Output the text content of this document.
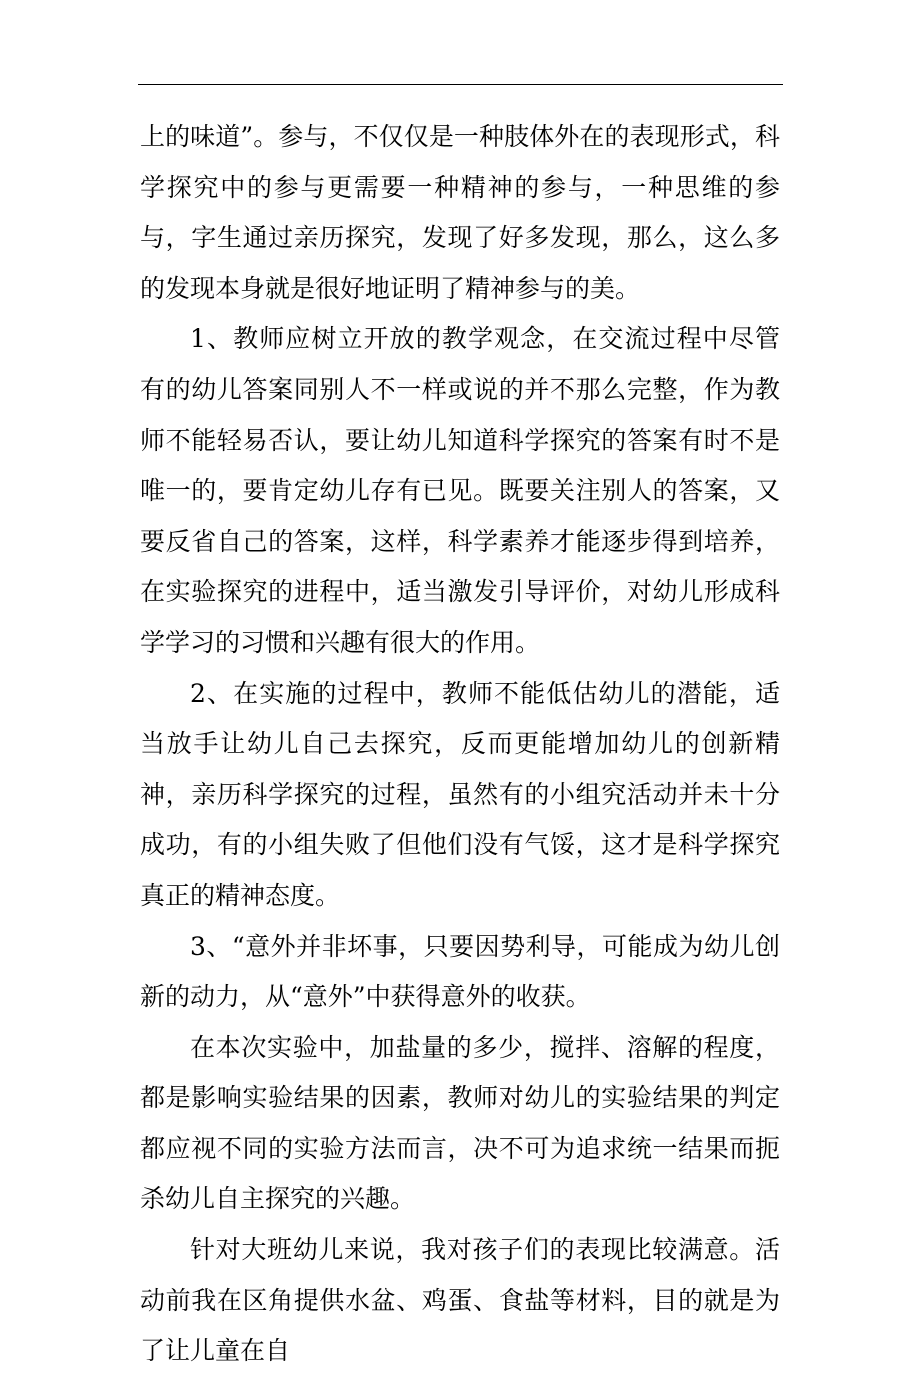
上的味道”。参与，不仅仅是一种肢体外在的表现形式，科学探究中的参与更需要一种精神的参与，一种思维的参与，字生通过亲历探究，发现了好多发现，那么，这么多的发现本身就是很好地证明了精神参与的美。

1、教师应树立开放的教学观念，在交流过程中尽管有的幼儿答案同别人不一样或说的并不那么完整，作为教师不能轻易否认，要让幼儿知道科学探究的答案有时不是唯一的，要肯定幼儿存有已见。既要关注别人的答案，又要反省自己的答案，这样，科学素养才能逐步得到培养，在实验探究的进程中，适当激发引导评价，对幼儿形成科学学习的习惯和兴趣有很大的作用。

2、在实施的过程中，教师不能低估幼儿的潜能，适当放手让幼儿自己去探究，反而更能增加幼儿的创新精神，亲历科学探究的过程，虽然有的小组究活动并未十分成功，有的小组失败了但他们没有气馁，这才是科学探究真正的精神态度。

3、“意外并非坏事，只要因势利导，可能成为幼儿创新的动力，从“意外”中获得意外的收获。

在本次实验中，加盐量的多少，搅拌、溶解的程度，都是影响实验结果的因素，教师对幼儿的实验结果的判定都应视不同的实验方法而言，决不可为追求统一结果而扼杀幼儿自主探究的兴趣。

针对大班幼儿来说，我对孩子们的表现比较满意。活动前我在区角提供水盆、鸡蛋、食盐等材料，目的就是为了让儿童在自
